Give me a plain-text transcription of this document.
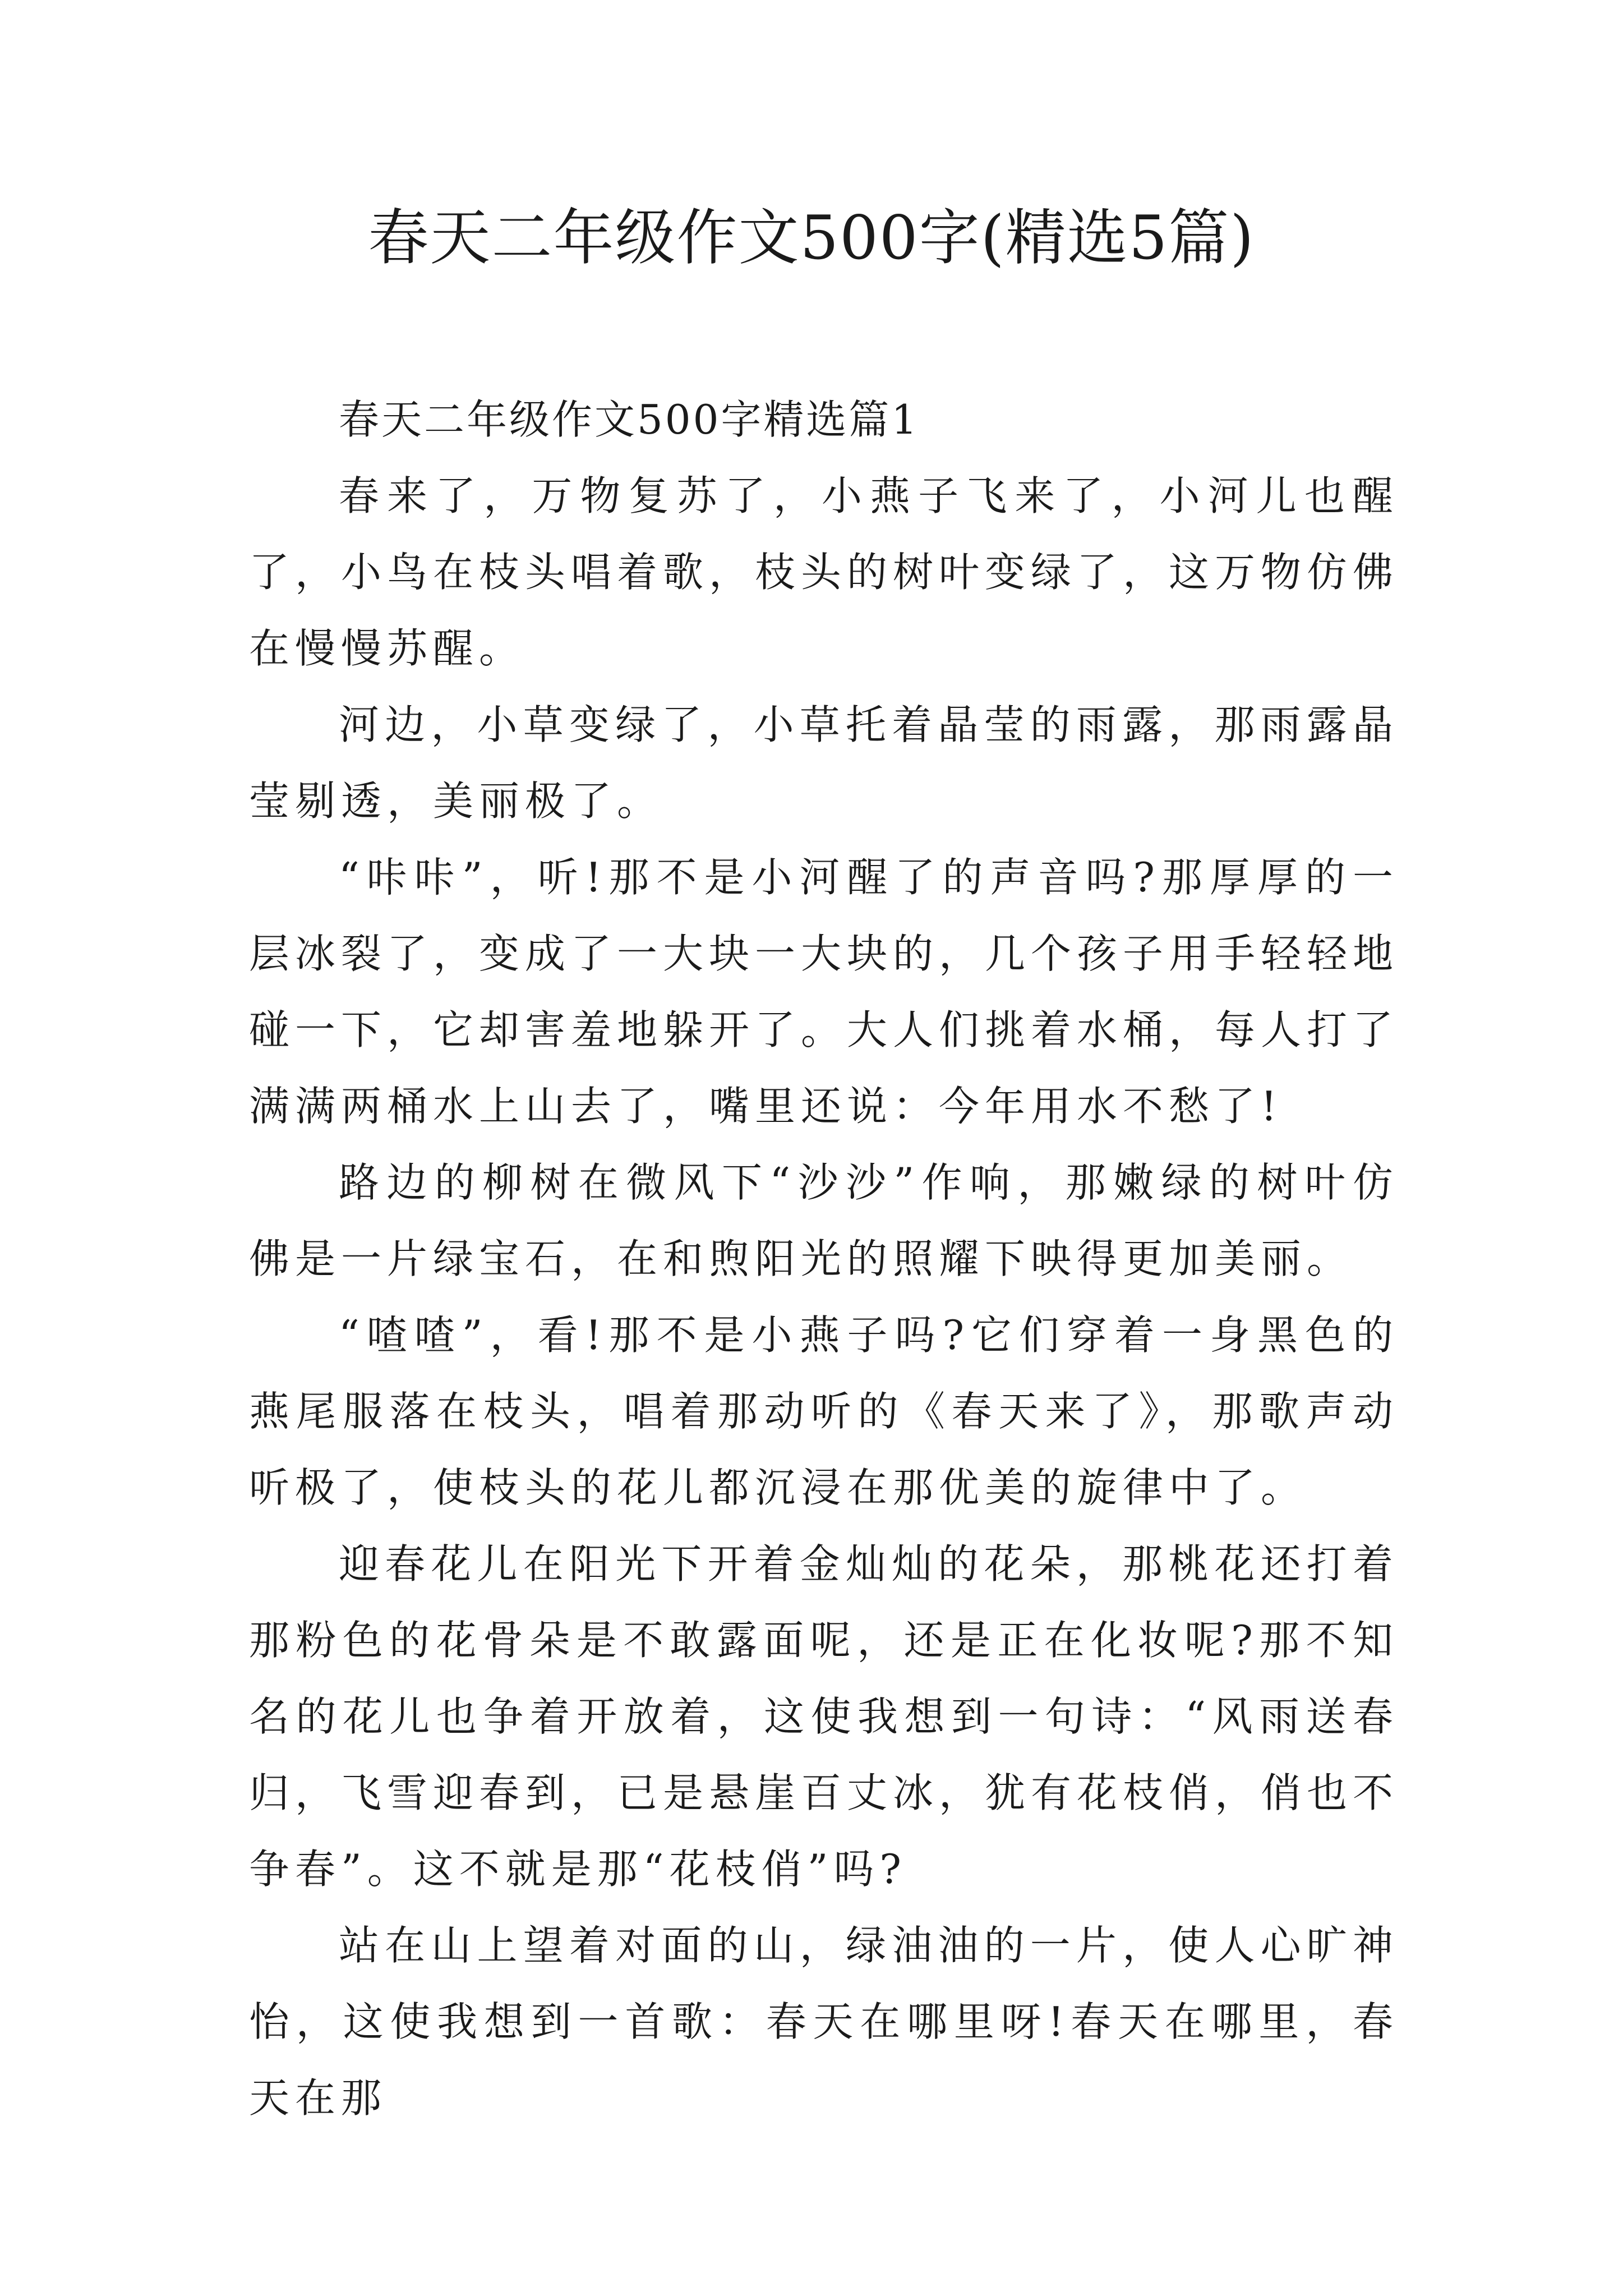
春天二年级作文500字(精选5篇)

春天二年级作文500字精选篇1

春来了，万物复苏了，小燕子飞来了，小河儿也醒了，小鸟在枝头唱着歌，枝头的树叶变绿了，这万物仿佛在慢慢苏醒。

河边，小草变绿了，小草托着晶莹的雨露，那雨露晶莹剔透，美丽极了。

“咔咔”，听!那不是小河醒了的声音吗?那厚厚的一层冰裂了，变成了一大块一大块的，几个孩子用手轻轻地碰一下，它却害羞地躲开了。大人们挑着水桶，每人打了满满两桶水上山去了，嘴里还说：今年用水不愁了!

路边的柳树在微风下“沙沙”作响，那嫩绿的树叶仿佛是一片绿宝石，在和煦阳光的照耀下映得更加美丽。

“喳喳”，看!那不是小燕子吗?它们穿着一身黑色的燕尾服落在枝头，唱着那动听的《春天来了》，那歌声动听极了，使枝头的花儿都沉浸在那优美的旋律中了。

迎春花儿在阳光下开着金灿灿的花朵，那桃花还打着那粉色的花骨朵是不敢露面呢，还是正在化妆呢?那不知名的花儿也争着开放着，这使我想到一句诗：“风雨送春归，飞雪迎春到，已是悬崖百丈冰，犹有花枝俏，俏也不争春”。这不就是那“花枝俏”吗?

站在山上望着对面的山，绿油油的一片，使人心旷神怡，这使我想到一首歌：春天在哪里呀!春天在哪里，春天在那
